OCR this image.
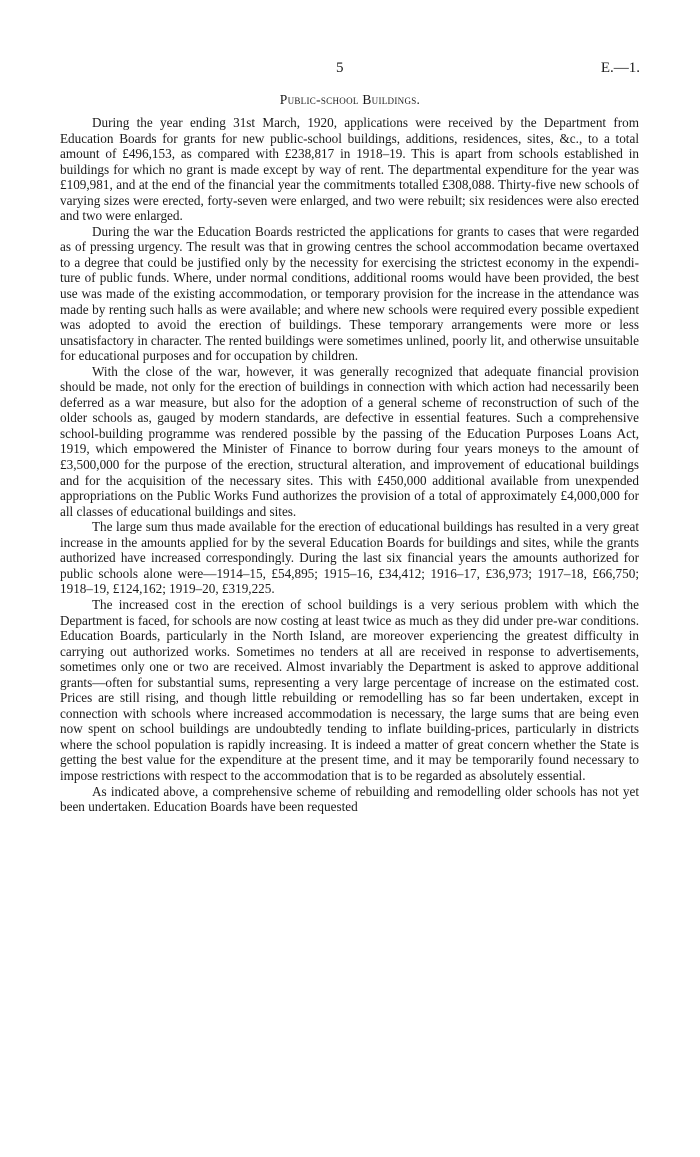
5	E.—1.
Public-school Buildings.

During the year ending 31st March, 1920, applications were received by the Department from Education Boards for grants for new public-school buildings, additions, residences, sites, &c., to a total amount of £496,153, as compared with £238,817 in 1918–19. This is apart from schools established in buildings for which no grant is made except by way of rent. The departmental expenditure for the year was £109,981, and at the end of the financial year the commitments totalled £308,088. Thirty-five new schools of varying sizes were erected, forty-seven were enlarged, and two were rebuilt; six residences were also erected and two were enlarged.

During the war the Education Boards restricted the applications for grants to cases that were regarded as of pressing urgency. The result was that in growing centres the school accommodation became overtaxed to a degree that could be justified only by the necessity for exercising the strictest economy in the expenditure of public funds. Where, under normal conditions, additional rooms would have been provided, the best use was made of the existing accommodation, or temporary provision for the increase in the attendance was made by renting such halls as were available; and where new schools were required every possible expedient was adopted to avoid the erection of buildings. These temporary arrangements were more or less unsatisfactory in character. The rented buildings were sometimes unlined, poorly lit, and otherwise unsuitable for educational purposes and for occupation by children.

With the close of the war, however, it was generally recognized that adequate financial provision should be made, not only for the erection of buildings in connection with which action had necessarily been deferred as a war measure, but also for the adoption of a general scheme of reconstruction of such of the older schools as, gauged by modern standards, are defective in essential features. Such a comprehensive school-building programme was rendered possible by the passing of the Education Purposes Loans Act, 1919, which empowered the Minister of Finance to borrow during four years moneys to the amount of £3,500,000 for the purpose of the erection, structural alteration, and improvement of educational buildings and for the acquisition of the necessary sites. This with £450,000 additional available from unexpended appropriations on the Public Works Fund authorizes the provision of a total of approximately £4,000,000 for all classes of educational buildings and sites.

The large sum thus made available for the erection of educational buildings has resulted in a very great increase in the amounts applied for by the several Education Boards for buildings and sites, while the grants authorized have increased correspondingly. During the last six financial years the amounts authorized for public schools alone were—1914–15, £54,895; 1915–16, £34,412; 1916–17, £36,973; 1917–18, £66,750; 1918–19, £124,162; 1919–20, £319,225.

The increased cost in the erection of school buildings is a very serious problem with which the Department is faced, for schools are now costing at least twice as much as they did under pre-war conditions. Education Boards, particularly in the North Island, are moreover experiencing the greatest difficulty in carrying out authorized works. Sometimes no tenders at all are received in response to advertisements, sometimes only one or two are received. Almost invariably the Department is asked to approve additional grants—often for substantial sums, representing a very large percentage of increase on the estimated cost. Prices are still rising, and though little rebuilding or remodelling has so far been undertaken, except in connection with schools where increased accommodation is necessary, the large sums that are being even now spent on school buildings are undoubtedly tending to inflate building-prices, particularly in districts where the school population is rapidly increasing. It is indeed a matter of great concern whether the State is getting the best value for the expenditure at the present time, and it may be temporarily found necessary to impose restrictions with respect to the accommodation that is to be regarded as absolutely essential.

As indicated above, a comprehensive scheme of rebuilding and remodelling older schools has not yet been undertaken. Education Boards have been requested
